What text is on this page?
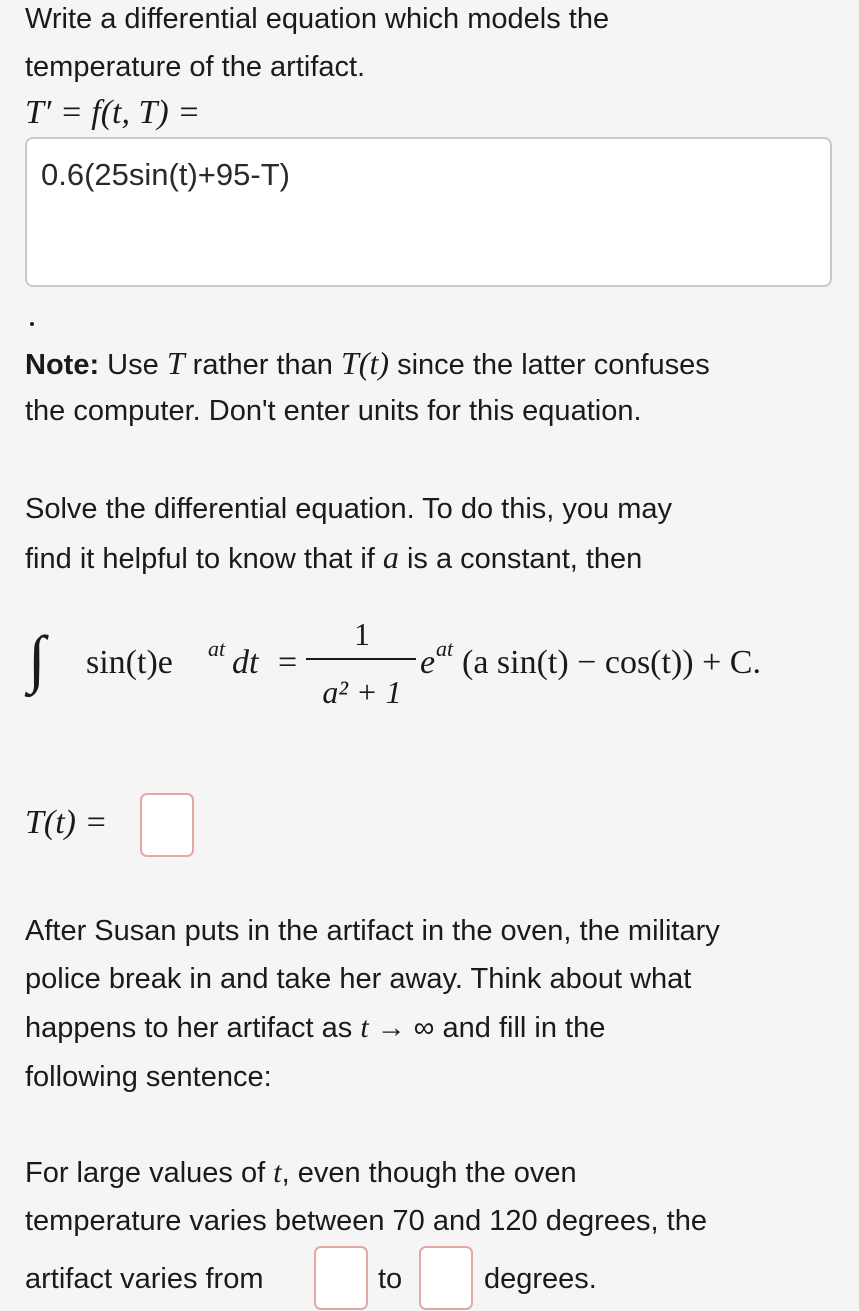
Write a differential equation which models the
temperature of the artifact.
T′ = f(t, T) =
0.6(25sin(t)+95-T)
Note: Use T rather than T(t) since the latter confuses
the computer. Don't enter units for this equation.
Solve the differential equation. To do this, you may
find it helpful to know that if a is a constant, then
∫ sin(t)e at dt =
1
a² + 1
e at (a sin(t) − cos(t)) + C.
T(t) =
After Susan puts in the artifact in the oven, the military
police break in and take her away. Think about what
happens to her artifact as t → ∞ and fill in the
following sentence:
For large values of t, even though the oven
temperature varies between 70 and 120 degrees, the
artifact varies from	to	degrees.
